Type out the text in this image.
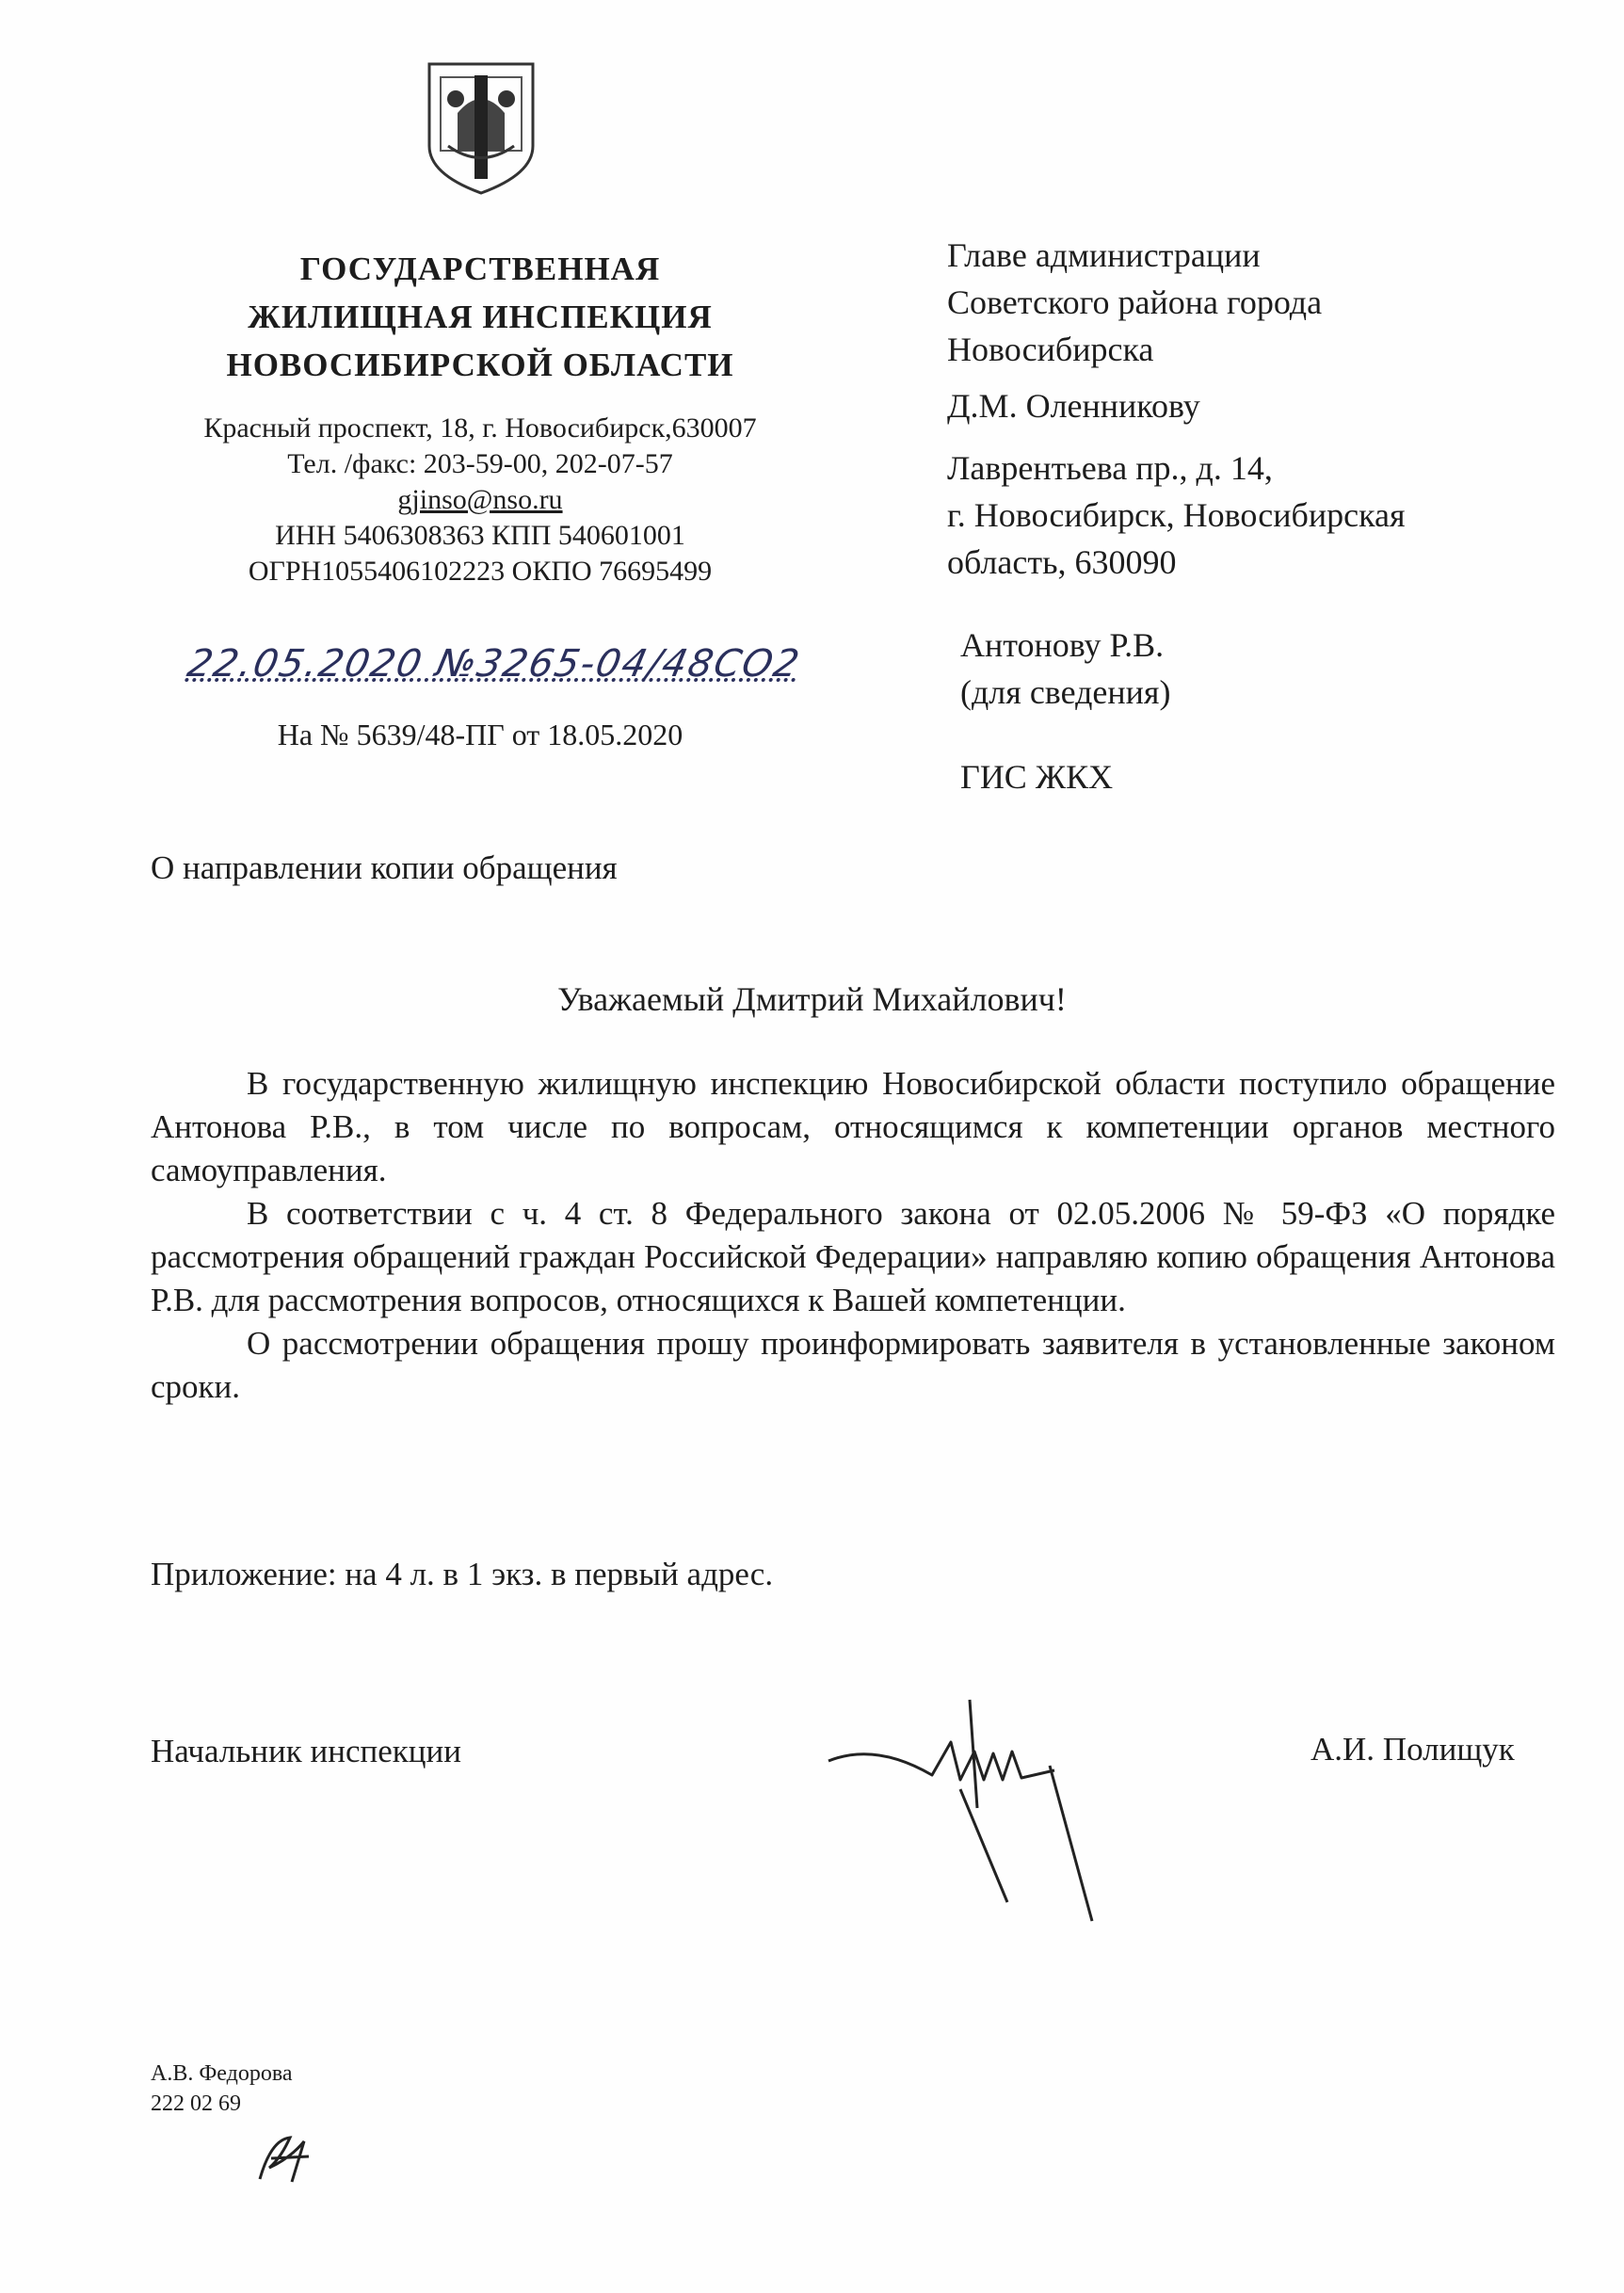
ГОСУДАРСТВЕННАЯ
ЖИЛИЩНАЯ ИНСПЕКЦИЯ
НОВОСИБИРСКОЙ ОБЛАСТИ
Красный проспект, 18, г. Новосибирск,630007
Тел. /факс: 203-59-00, 202-07-57
gjinso@nso.ru
ИНН 5406308363 КПП 540601001
ОГРН1055406102223 ОКПО 76695499
22.05.2020 №3265-04/48СО2
На № 5639/48-ПГ от 18.05.2020
Главе администрации
Советского района города
Новосибирска
Д.М. Оленникову
Лаврентьева пр., д. 14,
г. Новосибирск, Новосибирская
область, 630090
Антонову Р.В.
(для сведения)
ГИС ЖКХ
О направлении копии обращения
Уважаемый Дмитрий Михайлович!

В государственную жилищную инспекцию Новосибирской области поступило обращение Антонова Р.В., в том числе по вопросам, относящимся к компетенции органов местного самоуправления.

В соответствии с ч. 4 ст. 8 Федерального закона от 02.05.2006 № 59-ФЗ «О порядке рассмотрения обращений граждан Российской Федерации» направляю копию обращения Антонова Р.В. для рассмотрения вопросов, относящихся к Вашей компетенции.

О рассмотрении обращения прошу проинформировать заявителя в установленные законом сроки.

Приложение: на 4 л. в 1 экз. в первый адрес.
Начальник инспекции	А.И. Полищук
А.В. Федорова
222 02 69
